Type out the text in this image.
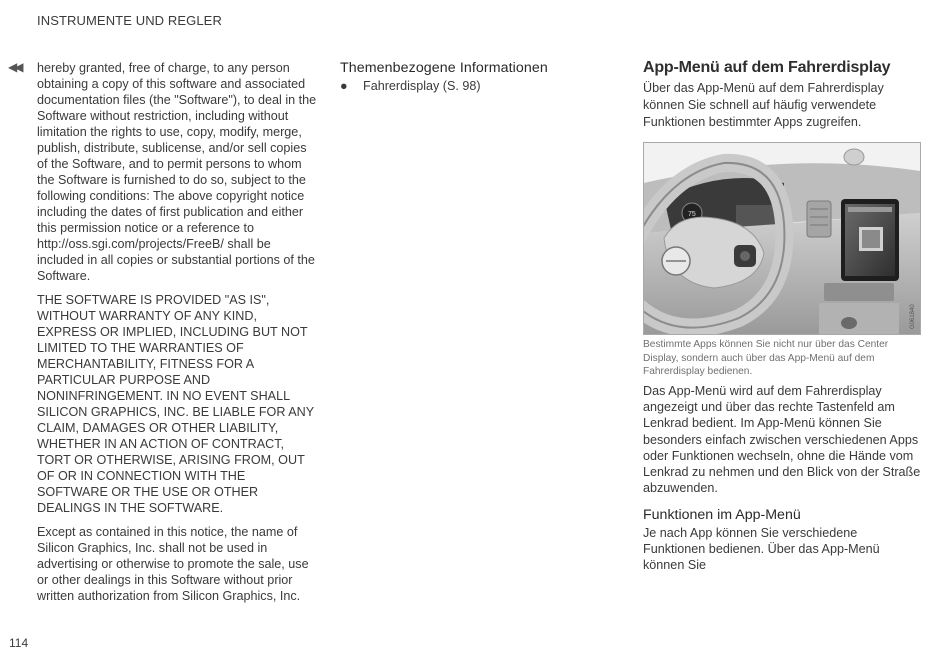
INSTRUMENTE UND REGLER
◀◀ hereby granted, free of charge, to any person obtaining a copy of this software and associated documentation files (the "Software"), to deal in the Software without restriction, including without limitation the rights to use, copy, modify, merge, publish, distribute, sublicense, and/or sell copies of the Software, and to permit persons to whom the Software is furnished to do so, subject to the following conditions: The above copyright notice including the dates of first publication and either this permission notice or a reference to http://oss.sgi.com/projects/FreeB/ shall be included in all copies or substantial portions of the Software.

THE SOFTWARE IS PROVIDED "AS IS", WITHOUT WARRANTY OF ANY KIND, EXPRESS OR IMPLIED, INCLUDING BUT NOT LIMITED TO THE WARRANTIES OF MERCHANTABILITY, FITNESS FOR A PARTICULAR PURPOSE AND NONINFRINGEMENT. IN NO EVENT SHALL SILICON GRAPHICS, INC. BE LIABLE FOR ANY CLAIM, DAMAGES OR OTHER LIABILITY, WHETHER IN AN ACTION OF CONTRACT, TORT OR OTHERWISE, ARISING FROM, OUT OF OR IN CONNECTION WITH THE SOFTWARE OR THE USE OR OTHER DEALINGS IN THE SOFTWARE.

Except as contained in this notice, the name of Silicon Graphics, Inc. shall not be used in advertising or otherwise to promote the sale, use or other dealings in this Software without prior written authorization from Silicon Graphics, Inc.

Themenbezogene Informationen
● Fahrerdisplay (S. 98)
App-Menü auf dem Fahrerdisplay

Über das App-Menü auf dem Fahrerdisplay können Sie schnell auf häufig verwendete Funktionen bestimmter Apps zugreifen.

75
G061840
Bestimmte Apps können Sie nicht nur über das Center Display, sondern auch über das App-Menü auf dem Fahrerdisplay bedienen.

Das App-Menü wird auf dem Fahrerdisplay angezeigt und über das rechte Tastenfeld am Lenkrad bedient. Im App-Menü können Sie besonders einfach zwischen verschiedenen Apps oder Funktionen wechseln, ohne die Hände vom Lenkrad zu nehmen und den Blick von der Straße abzuwenden.

Funktionen im App-Menü

Je nach App können Sie verschiedene Funktionen bedienen. Über das App-Menü können Sie

114
